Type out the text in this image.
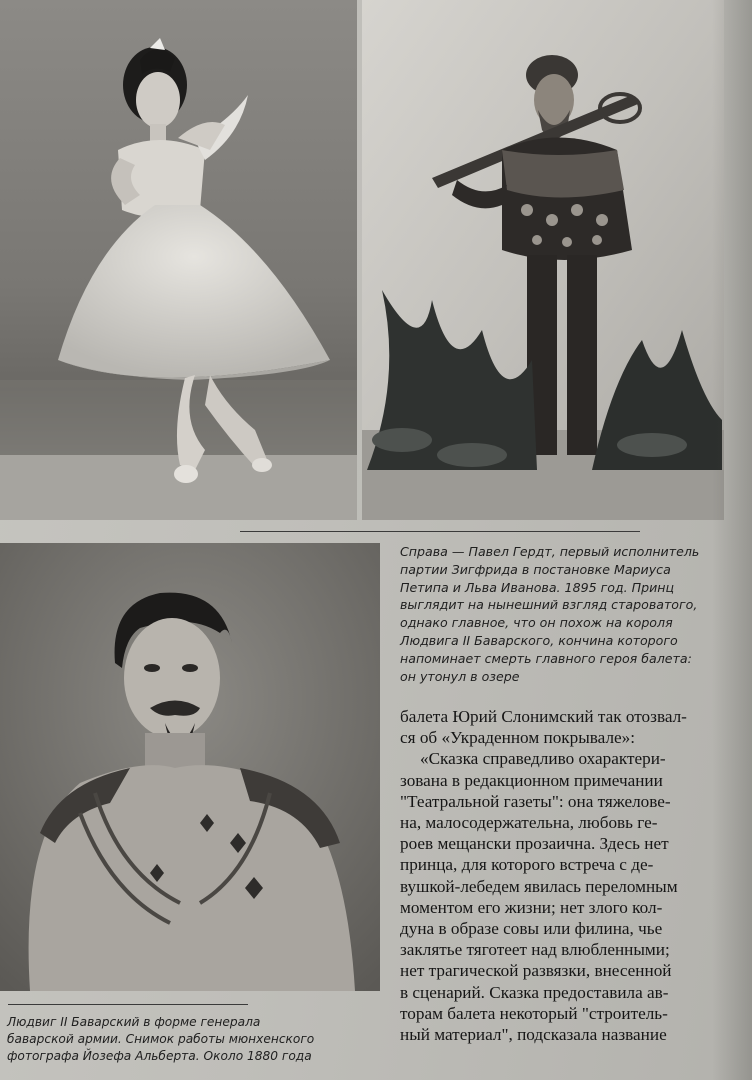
Справа — Павел Гердт, первый исполнитель
партии Зигфрида в постановке Мариуса
Петипа и Льва Иванова. 1895 год. Принц
выглядит на нынешний взгляд староватого,
однако главное, что он похож на короля
Людвига II Баварского, кончина которого
напоминает смерть главного героя балета:
он утонул в озере
Людвиг II Баварский в форме генерала
баварской армии. Снимок работы мюнхенского
фотографа Йозефа Альберта. Около 1880 года
балета Юрий Слонимский так отозвал-
ся об «Украденном покрывале»:
«Сказка справедливо охарактери-
зована в редакционном примечании
"Театральной газеты": она тяжелове-
на, малосодержательна, любовь ге-
роев мещански прозаична. Здесь нет
принца, для которого встреча с де-
вушкой-лебедем явилась переломным
моментом его жизни; нет злого кол-
дуна в образе совы или филина, чье
заклятье тяготеет над влюбленными;
нет трагической развязки, внесенной
в сценарий. Сказка предоставила ав-
торам балета некоторый "строитель-
ный материал", подсказала название
